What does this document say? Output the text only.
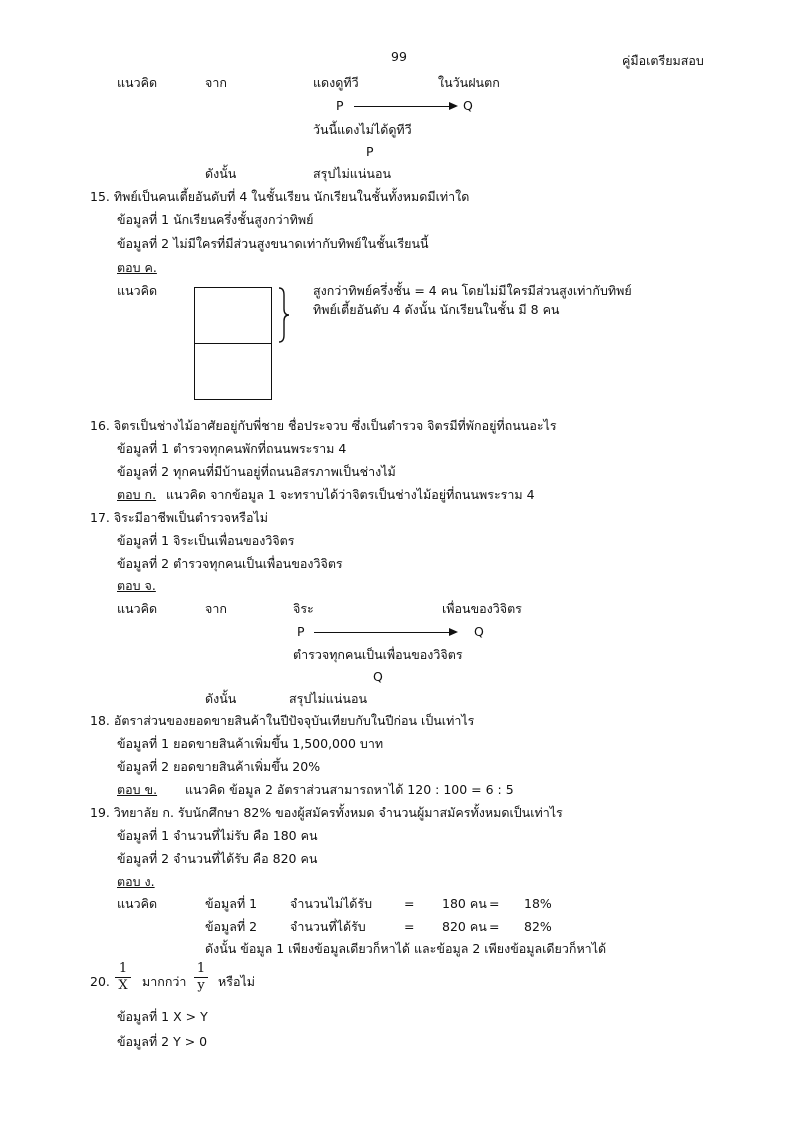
99	คู่มือเตรียมสอบ
แนวคิด	จาก	แดงดูทีวี	ในวันฝนตก
P	Q
วันนี้แดงไม่ได้ดูทีวี
P
ดังนั้น	สรุปไม่แน่นอน
15. ทิพย์เป็นคนเตี้ยอันดับที่ 4 ในชั้นเรียน นักเรียนในชั้นทั้งหมดมีเท่าใด
ข้อมูลที่ 1 นักเรียนครึ่งชั้นสูงกว่าทิพย์
ข้อมูลที่ 2 ไม่มีใครที่มีส่วนสูงขนาดเท่ากับทิพย์ในชั้นเรียนนี้
ตอบ ค.
แนวคิด	สูงกว่าทิพย์ครึ่งชั้น = 4 คน โดยไม่มีใครมีส่วนสูงเท่ากับทิพย์
ทิพย์เตี้ยอันดับ 4 ดังนั้น นักเรียนในชั้น มี 8 คน
16. จิตรเป็นช่างไม้อาศัยอยู่กับพี่ชาย ชื่อประจวบ ซึ่งเป็นตำรวจ จิตรมีที่พักอยู่ที่ถนนอะไร
ข้อมูลที่ 1 ตำรวจทุกคนพักที่ถนนพระราม 4
ข้อมูลที่ 2 ทุกคนที่มีบ้านอยู่ที่ถนนอิสรภาพเป็นช่างไม้
ตอบ ก. แนวคิด จากข้อมูล 1 จะทราบได้ว่าจิตรเป็นช่างไม้อยู่ที่ถนนพระราม 4
17. จิระมีอาชีพเป็นตำรวจหรือไม่
ข้อมูลที่ 1 จิระเป็นเพื่อนของวิจิตร
ข้อมูลที่ 2 ตำรวจทุกคนเป็นเพื่อนของวิจิตร
ตอบ จ.
แนวคิด	จาก	จิระ	เพื่อนของวิจิตร
P	Q
ตำรวจทุกคนเป็นเพื่อนของวิจิตร
Q
ดังนั้น	สรุปไม่แน่นอน
18. อัตราส่วนของยอดขายสินค้าในปีปัจจุบันเทียบกับในปีก่อน เป็นเท่าไร
ข้อมูลที่ 1 ยอดขายสินค้าเพิ่มขึ้น 1,500,000 บาท
ข้อมูลที่ 2 ยอดขายสินค้าเพิ่มขึ้น 20%
ตอบ ข. แนวคิด ข้อมูล 2 อัตราส่วนสามารถหาได้ 120 : 100 = 6 : 5
19. วิทยาลัย ก. รับนักศึกษา 82% ของผู้สมัครทั้งหมด จำนวนผู้มาสมัครทั้งหมดเป็นเท่าไร
ข้อมูลที่ 1 จำนวนที่ไม่รับ คือ 180 คน
ข้อมูลที่ 2 จำนวนที่ได้รับ คือ 820 คน
ตอบ ง.
แนวคิด	ข้อมูลที่ 1	จำนวนไม่ได้รับ	= 180 คน = 18%
ข้อมูลที่ 2	จำนวนที่ได้รับ	= 820 คน = 82%
ดังนั้น ข้อมูล 1 เพียงข้อมูลเดียวก็หาได้ และข้อมูล 2 เพียงข้อมูลเดียวก็หาได้
20.
1
X มากกว่า
1
y หรือไม่
ข้อมูลที่ 1 X > Y
ข้อมูลที่ 2 Y > 0
